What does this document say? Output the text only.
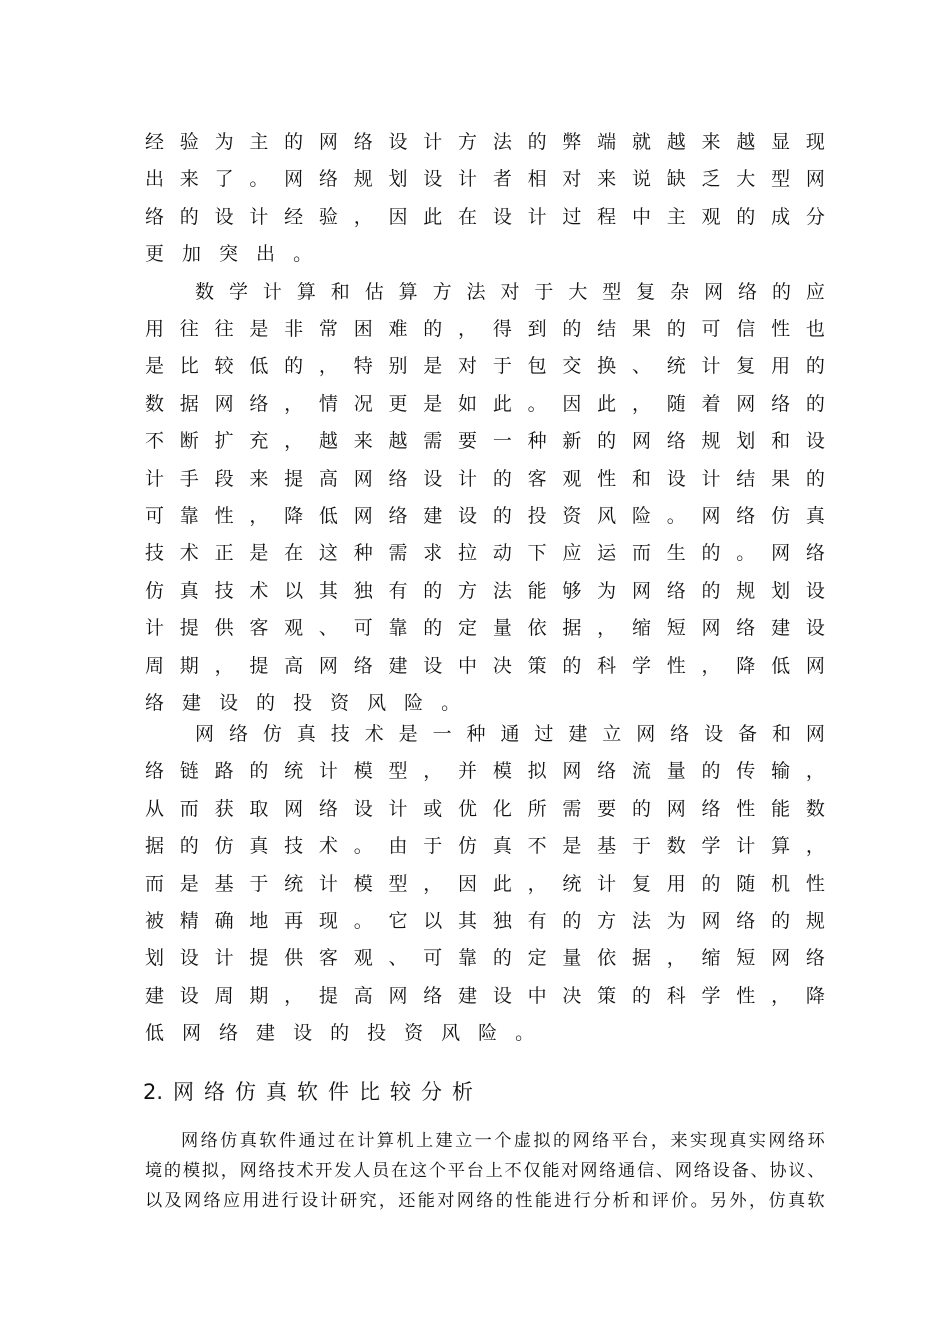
经 验 为 主 的 网 络 设 计 方 法 的 弊 端 就 越 来 越 显 现
出 来 了 。 网 络 规 划 设 计 者 相 对 来 说 缺 乏 大 型 网
络 的 设 计 经 验 ， 因 此 在 设 计 过 程 中 主 观 的 成 分
更 加 突 出 。
数 学 计 算 和 估 算 方 法 对 于 大 型 复 杂 网 络 的 应
用 往 往 是 非 常 困 难 的 ， 得 到 的 结 果 的 可 信 性 也
是 比 较 低 的 ， 特 别 是 对 于 包 交 换 、 统 计 复 用 的
数 据 网 络 ， 情 况 更 是 如 此 。 因 此 ， 随 着 网 络 的
不 断 扩 充 ， 越 来 越 需 要 一 种 新 的 网 络 规 划 和 设
计 手 段 来 提 高 网 络 设 计 的 客 观 性 和 设 计 结 果 的
可 靠 性 ， 降 低 网 络 建 设 的 投 资 风 险 。 网 络 仿 真
技 术 正 是 在 这 种 需 求 拉 动 下 应 运 而 生 的 。 网 络
仿 真 技 术 以 其 独 有 的 方 法 能 够 为 网 络 的 规 划 设
计 提 供 客 观 、 可 靠 的 定 量 依 据 ， 缩 短 网 络 建 设
周 期 ， 提 高 网 络 建 设 中 决 策 的 科 学 性 ， 降 低 网
络 建 设 的 投 资 风 险 。
网 络 仿 真 技 术 是 一 种 通 过 建 立 网 络 设 备 和 网
络 链 路 的 统 计 模 型 ， 并 模 拟 网 络 流 量 的 传 输 ，
从 而 获 取 网 络 设 计 或 优 化 所 需 要 的 网 络 性 能 数
据 的 仿 真 技 术 。 由 于 仿 真 不 是 基 于 数 学 计 算 ，
而 是 基 于 统 计 模 型 ， 因 此 ， 统 计 复 用 的 随 机 性
被 精 确 地 再 现 。 它 以 其 独 有 的 方 法 为 网 络 的 规
划 设 计 提 供 客 观 、 可 靠 的 定 量 依 据 ， 缩 短 网 络
建 设 周 期 ， 提 高 网 络 建 设 中 决 策 的 科 学 性 ， 降
低 网 络 建 设 的 投 资 风 险 。
2. 网络仿真软件比较分析
网 络 仿 真 软 件 通 过 在 计 算 机 上 建 立 一 个 虚 拟 的 网 络 平 台 ， 来 实 现 真 实 网 络 环
境 的 模 拟 ， 网 络 技 术 开 发 人 员 在 这 个 平 台 上 不 仅 能 对 网 络 通 信 、 网 络 设 备 、 协 议 、
以 及 网 络 应 用 进 行 设 计 研 究 ， 还 能 对 网 络 的 性 能 进 行 分 析 和 评 价 。 另 外 ， 仿 真 软
